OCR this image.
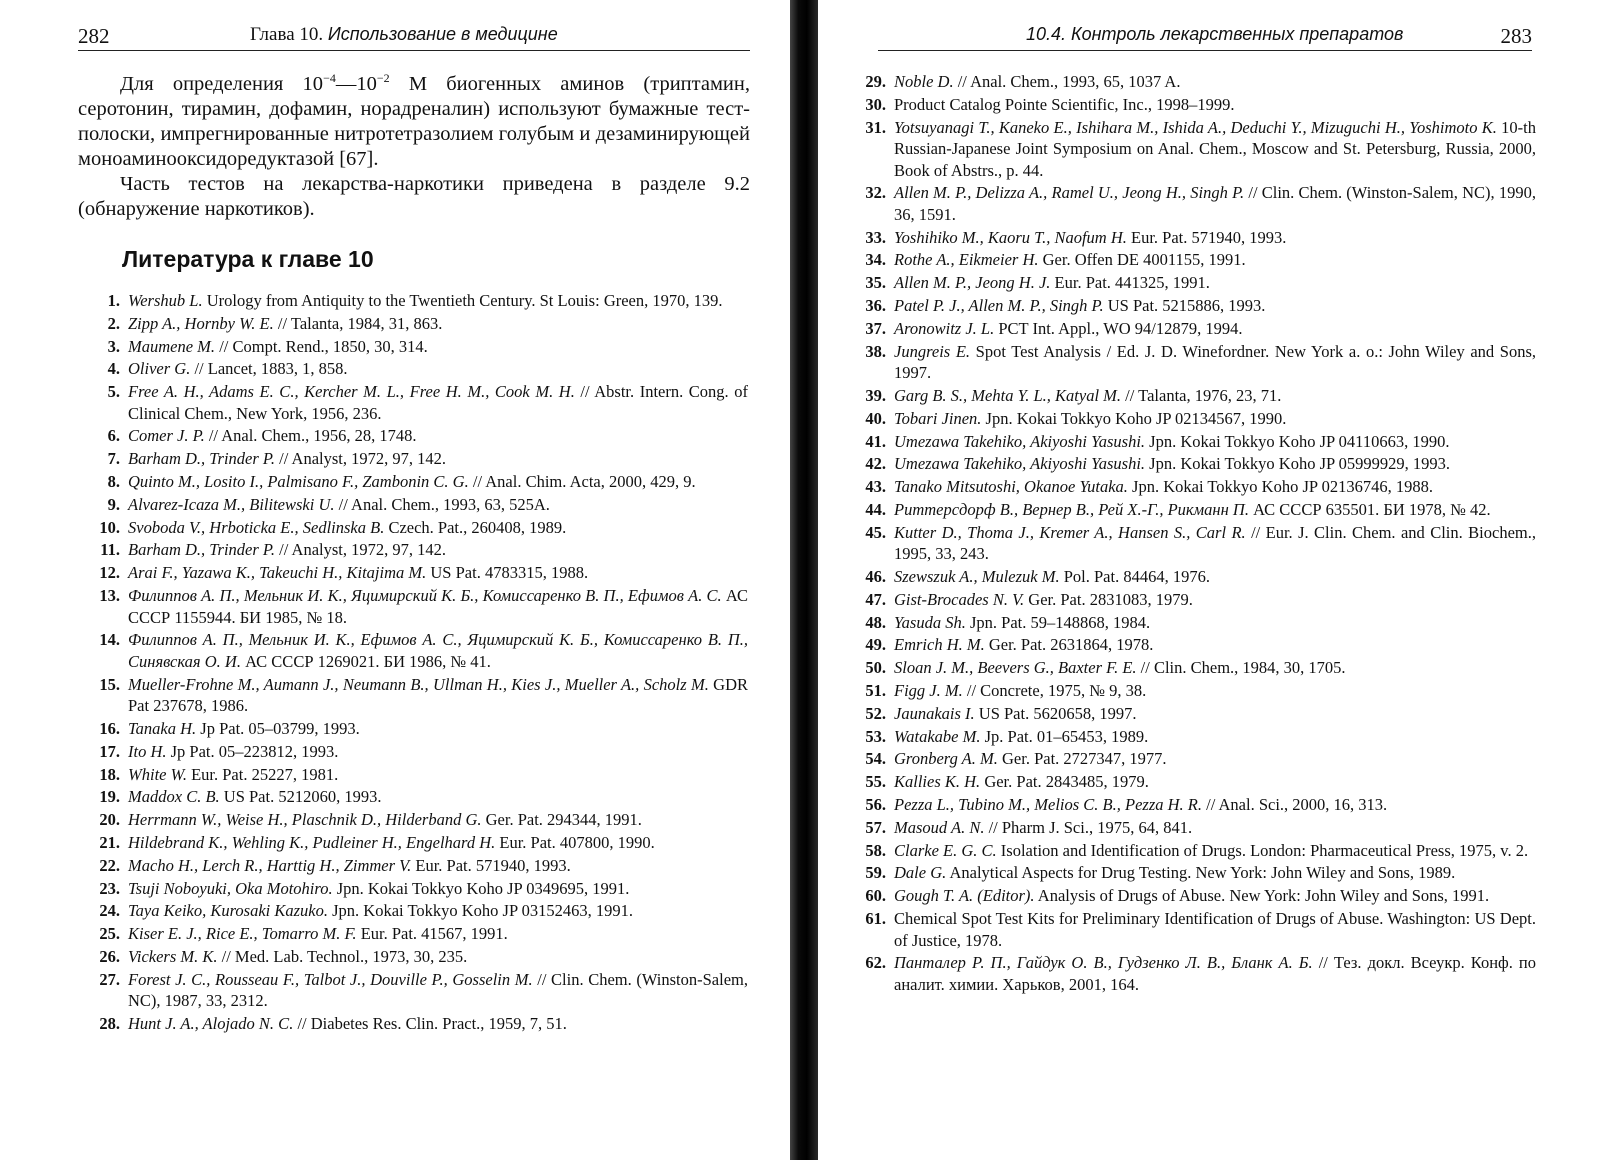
282	Глава 10. Использование в медицине

Для определения $10^{-4}—10^{-2}$ М биогенных аминов (триптамин, серотонин, тирамин, дофамин, норадреналин) используют бумажные тест-полоски, импрегнированные нитротетразолием голубым и дезаминирующей моноаминооксидоредуктазой [67].

Часть тестов на лекарства-наркотики приведена в разделе 9.2 (обнаружение наркотиков).

Литература к главе 10
1. Wershub L. Urology from Antiquity to the Twentieth Century. St Louis: Green, 1970, 139.
2. Zipp A., Hornby W. E. // Talanta, 1984, 31, 863.
3. Maumene M. // Compt. Rend., 1850, 30, 314.
4. Oliver G. // Lancet, 1883, 1, 858.
5. Free A. H., Adams E. C., Kercher M. L., Free H. M., Cook M. H. // Abstr. Intern. Cong. of Clinical Chem., New York, 1956, 236.
6. Comer J. P. // Anal. Chem., 1956, 28, 1748.
7. Barham D., Trinder P. // Analyst, 1972, 97, 142.
8. Quinto M., Losito I., Palmisano F., Zambonin C. G. // Anal. Chim. Acta, 2000, 429, 9.
9. Alvarez-Icaza M., Bilitewski U. // Anal. Chem., 1993, 63, 525A.
10. Svoboda V., Hrboticka E., Sedlinska B. Czech. Pat., 260408, 1989.
11. Barham D., Trinder P. // Analyst, 1972, 97, 142.
12. Arai F., Yazawa K., Takeuchi H., Kitajima M. US Pat. 4783315, 1988.
13. Филиппов А. П., Мельник И. К., Яцимирский К. Б., Комиссаренко В. П., Ефимов А. С. АС СССР 1155944. БИ 1985, № 18.
14. Филиппов А. П., Мельник И. К., Ефимов А. С., Яцимирский К. Б., Комиссаренко В. П., Синявская О. И. АС СССР 1269021. БИ 1986, № 41.
15. Mueller-Frohne M., Aumann J., Neumann B., Ullman H., Kies J., Mueller A., Scholz M. GDR Pat 237678, 1986.
16. Tanaka H. Jp Pat. 05–03799, 1993.
17. Ito H. Jp Pat. 05–223812, 1993.
18. White W. Eur. Pat. 25227, 1981.
19. Maddox C. B. US Pat. 5212060, 1993.
20. Herrmann W., Weise H., Plaschnik D., Hilderband G. Ger. Pat. 294344, 1991.
21. Hildebrand K., Wehling K., Pudleiner H., Engelhard H. Eur. Pat. 407800, 1990.
22. Macho H., Lerch R., Harttig H., Zimmer V. Eur. Pat. 571940, 1993.
23. Tsuji Noboyuki, Oka Motohiro. Jpn. Kokai Tokkyo Koho JP 0349695, 1991.
24. Taya Keiko, Kurosaki Kazuko. Jpn. Kokai Tokkyo Koho JP 03152463, 1991.
25. Kiser E. J., Rice E., Tomarro M. F. Eur. Pat. 41567, 1991.
26. Vickers M. K. // Med. Lab. Technol., 1973, 30, 235.
27. Forest J. C., Rousseau F., Talbot J., Douville P., Gosselin M. // Clin. Chem. (Winston-Salem, NC), 1987, 33, 2312.
28. Hunt J. A., Alojado N. C. // Diabetes Res. Clin. Pract., 1959, 7, 51.
10.4. Контроль лекарственных препаратов	283
29. Noble D. // Anal. Chem., 1993, 65, 1037 A.
30. Product Catalog Pointe Scientific, Inc., 1998–1999.
31. Yotsuyanagi T., Kaneko E., Ishihara M., Ishida A., Deduchi Y., Mizuguchi H., Yoshimoto K. 10-th Russian-Japanese Joint Symposium on Anal. Chem., Moscow and St. Petersburg, Russia, 2000, Book of Abstrs., p. 44.
32. Allen M. P., Delizza A., Ramel U., Jeong H., Singh P. // Clin. Chem. (Winston-Salem, NC), 1990, 36, 1591.
33. Yoshihiko M., Kaoru T., Naofum H. Eur. Pat. 571940, 1993.
34. Rothe A., Eikmeier H. Ger. Offen DE 4001155, 1991.
35. Allen M. P., Jeong H. J. Eur. Pat. 441325, 1991.
36. Patel P. J., Allen M. P., Singh P. US Pat. 5215886, 1993.
37. Aronowitz J. L. PCT Int. Appl., WO 94/12879, 1994.
38. Jungreis E. Spot Test Analysis / Ed. J. D. Winefordner. New York a. o.: John Wiley and Sons, 1997.
39. Garg B. S., Mehta Y. L., Katyal M. // Talanta, 1976, 23, 71.
40. Tobari Jinen. Jpn. Kokai Tokkyo Koho JP 02134567, 1990.
41. Umezawa Takehiko, Akiyoshi Yasushi. Jpn. Kokai Tokkyo Koho JP 04110663, 1990.
42. Umezawa Takehiko, Akiyoshi Yasushi. Jpn. Kokai Tokkyo Koho JP 05999929, 1993.
43. Tanako Mitsutoshi, Okanoe Yutaka. Jpn. Kokai Tokkyo Koho JP 02136746, 1988.
44. Риттерсдорф В., Вернер В., Рей Х.-Г., Рикманн П. АС СССР 635501. БИ 1978, № 42.
45. Kutter D., Thoma J., Kremer A., Hansen S., Carl R. // Eur. J. Clin. Chem. and Clin. Biochem., 1995, 33, 243.
46. Szewszuk A., Mulezuk M. Pol. Pat. 84464, 1976.
47. Gist-Brocades N. V. Ger. Pat. 2831083, 1979.
48. Yasuda Sh. Jpn. Pat. 59–148868, 1984.
49. Emrich H. M. Ger. Pat. 2631864, 1978.
50. Sloan J. M., Beevers G., Baxter F. E. // Clin. Chem., 1984, 30, 1705.
51. Figg J. M. // Concrete, 1975, № 9, 38.
52. Jaunakais I. US Pat. 5620658, 1997.
53. Watakabe M. Jp. Pat. 01–65453, 1989.
54. Gronberg A. M. Ger. Pat. 2727347, 1977.
55. Kallies K. H. Ger. Pat. 2843485, 1979.
56. Pezza L., Tubino M., Melios C. B., Pezza H. R. // Anal. Sci., 2000, 16, 313.
57. Masoud A. N. // Pharm J. Sci., 1975, 64, 841.
58. Clarke E. G. C. Isolation and Identification of Drugs. London: Pharmaceutical Press, 1975, v. 2.
59. Dale G. Analytical Aspects for Drug Testing. New York: John Wiley and Sons, 1989.
60. Gough T. A. (Editor). Analysis of Drugs of Abuse. New York: John Wiley and Sons, 1991.
61. Chemical Spot Test Kits for Preliminary Identification of Drugs of Abuse. Washington: US Dept. of Justice, 1978.
62. Панталер Р. П., Гайдук О. В., Гудзенко Л. В., Бланк А. Б. // Тез. докл. Всеукр. Конф. по аналит. химии. Харьков, 2001, 164.
